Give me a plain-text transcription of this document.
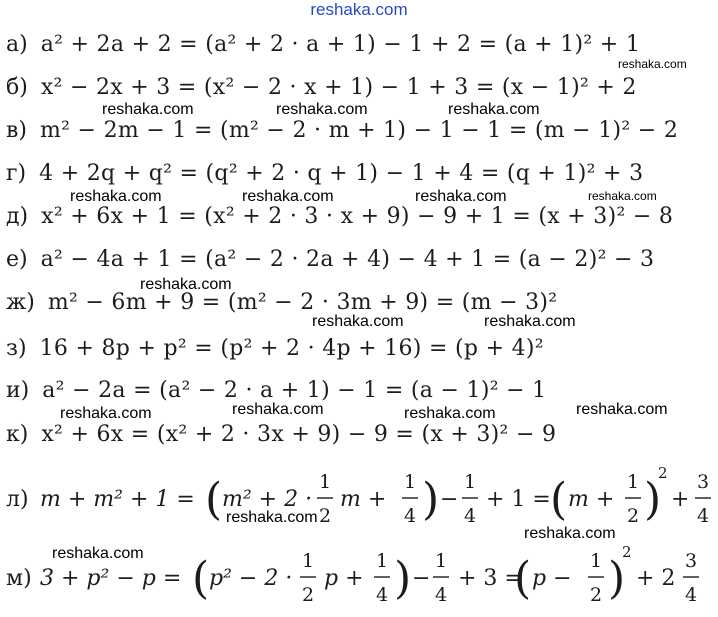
reshaka.com
а) a² + 2a + 2 = (a² + 2 · a + 1) − 1 + 2 = (a + 1)² + 1
б) x² − 2x + 3 = (x² − 2 · x + 1) − 1 + 3 = (x − 1)² + 2
в) m² − 2m − 1 = (m² − 2 · m + 1) − 1 − 1 = (m − 1)² − 2
г) 4 + 2q + q² = (q² + 2 · q + 1) − 1 + 4 = (q + 1)² + 3
д) x² + 6x + 1 = (x² + 2 · 3 · x + 9) − 9 + 1 = (x + 3)² − 8
е) a² − 4a + 1 = (a² − 2 · 2a + 4) − 4 + 1 = (a − 2)² − 3
ж) m² − 6m + 9 = (m² − 2 · 3m + 9) = (m − 3)²
з) 16 + 8p + p² = (p² + 2 · 4p + 16) = (p + 4)²
и) a² − 2a = (a² − 2 · a + 1) − 1 = (a − 1)² − 1
к) x² + 6x = (x² + 2 · 3x + 9) − 9 = (x + 3)² − 9
л) m + m² + 1 = ( m² + 2 ·
1
2
m +
1
4 ) −
1
4
+ 1 = ( m +
1
2 )
2
+
3
4
м) 3 + p² − p = ( p² − 2 ·
1
2
p +
1
4 ) −
1
4
+ 3 =
( p −
1
2 )
2
+ 2
3
4
reshaka.com
reshaka.com	reshaka.com	reshaka.com
reshaka.com	reshaka.com	reshaka.com	reshaka.com
reshaka.com
reshaka.com	reshaka.com
reshaka.com	reshaka.com	reshaka.com	reshaka.com
reshaka.com
reshaka.com
reshaka.com
